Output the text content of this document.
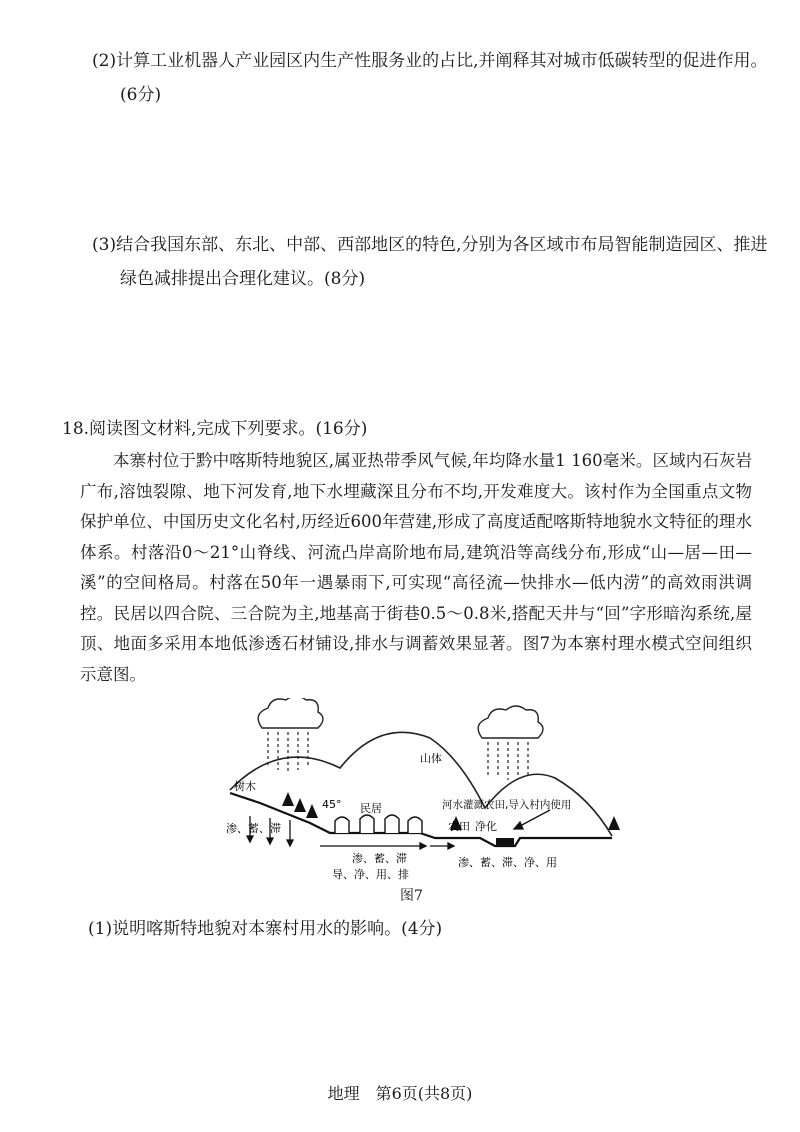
(2)计算工业机器人产业园区内生产性服务业的占比,并阐释其对城市低碳转型的促进作用。(6分)
(3)结合我国东部、东北、中部、西部地区的特色,分别为各区域市布局智能制造园区、推进绿色减排提出合理化建议。(8分)
18.阅读图文材料,完成下列要求。(16分)
本寨村位于黔中喀斯特地貌区,属亚热带季风气候,年均降水量1 160毫米。区域内石灰岩广布,溶蚀裂隙、地下河发育,地下水埋藏深且分布不均,开发难度大。该村作为全国重点文物保护单位、中国历史文化名村,历经近600年营建,形成了高度适配喀斯特地貌水文特征的理水体系。村落沿0～21°山脊线、河流凸岸高阶地布局,建筑沿等高线分布,形成“山—居—田—溪”的空间格局。村落在50年一遇暴雨下,可实现“高径流—快排水—低内涝”的高效雨洪调控。民居以四合院、三合院为主,地基高于街巷0.5～0.8米,搭配天井与“回”字形暗沟系统,屋顶、地面多采用本地低渗透石材铺设,排水与调蓄效果显著。图7为本寨村理水模式空间组织示意图。
树木
山体
45° 民居	河水灌溉农田,导入村内使用
农田 净化
渗、蓄、滞
渗、蓄、滞
导、净、用、排
渗、蓄、滞、净、用
图7
(1)说明喀斯特地貌对本寨村用水的影响。(4分)
地理　第6页(共8页)
